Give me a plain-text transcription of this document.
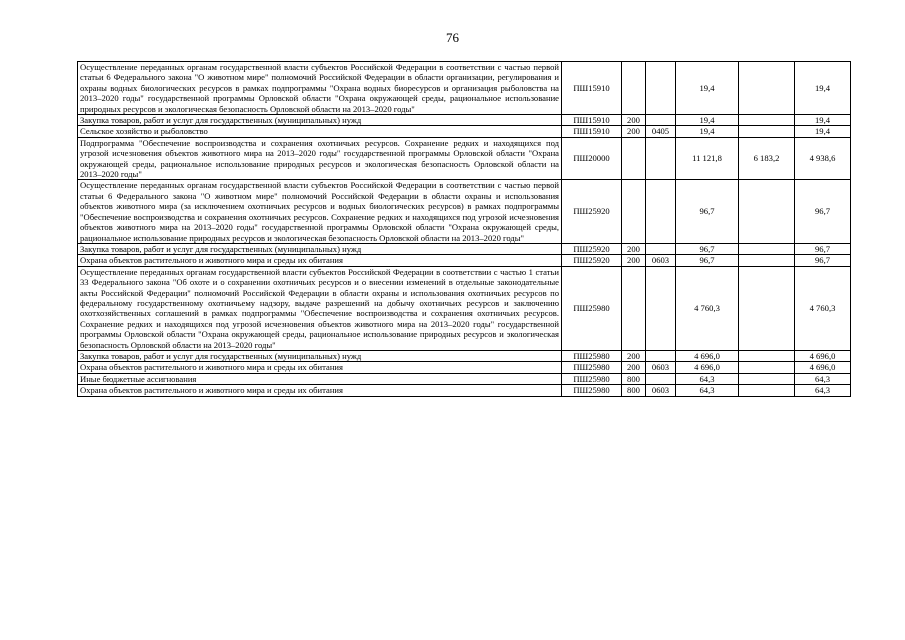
76
Осуществление переданных органам государственной власти субъектов Российской Федерации в соответствии с частью первой статьи 6 Федерального закона "О животном мире" полномочий Российской Федерации в области организации, регулирования и охраны водных биологических ресурсов в рамках подпрограммы "Охрана водных биоресурсов и организация рыболовства на 2013–2020 годы" государственной программы Орловской области "Охрана окружающей среды, рациональное использование природных ресурсов и экологическая безопасность Орловской области на 2013–2020 годы"	ПШ15910			19,4		19,4
Закупка товаров, работ и услуг для государственных (муниципальных) нужд	ПШ15910	200		19,4		19,4
Сельское хозяйство и рыболовство	ПШ15910	200	0405	19,4		19,4
Подпрограмма "Обеспечение воспроизводства и сохранения охотничьих ресурсов. Сохранение редких и находящихся под угрозой исчезновения объектов животного мира на 2013–2020 годы" государственной программы Орловской области "Охрана окружающей среды, рациональное использование природных ресурсов и экологическая безопасность Орловской области на 2013–2020 годы"	ПШ20000			11 121,8	6 183,2	4 938,6
Осуществление переданных органам государственной власти субъектов Российской Федерации в соответствии с частью первой статьи 6 Федерального закона "О животном мире" полномочий Российской Федерации в области охраны и использования объектов животного мира (за исключением охотничьих ресурсов и водных биологических ресурсов) в рамках подпрограммы "Обеспечение воспроизводства и сохранения охотничьих ресурсов. Сохранение редких и находящихся под угрозой исчезновения объектов животного мира на 2013–2020 годы" государственной программы Орловской области "Охрана окружающей среды, рациональное использование природных ресурсов и экологическая безопасность Орловской области на 2013–2020 годы"	ПШ25920			96,7		96,7
Закупка товаров, работ и услуг для государственных (муниципальных) нужд	ПШ25920	200		96,7		96,7
Охрана объектов растительного и животного мира и среды их обитания	ПШ25920	200	0603	96,7		96,7
Осуществление переданных органам государственной власти субъектов Российской Федерации в соответствии с частью 1 статьи 33 Федерального закона "Об охоте и о сохранении охотничьих ресурсов и о внесении изменений в отдельные законодательные акты Российской Федерации" полномочий Российской Федерации в области охраны и использования охотничьих ресурсов по федеральному государственному охотничьему надзору, выдаче разрешений на добычу охотничьих ресурсов и заключению охотхозяйственных соглашений в рамках подпрограммы "Обеспечение воспроизводства и сохранения охотничьих ресурсов. Сохранение редких и находящихся под угрозой исчезновения объектов животного мира на 2013–2020 годы" государственной программы Орловской области "Охрана окружающей среды, рациональное использование природных ресурсов и экологическая безопасность Орловской области на 2013–2020 годы"	ПШ25980			4 760,3		4 760,3
Закупка товаров, работ и услуг для государственных (муниципальных) нужд	ПШ25980	200		4 696,0		4 696,0
Охрана объектов растительного и животного мира и среды их обитания	ПШ25980	200	0603	4 696,0		4 696,0
Иные бюджетные ассигнования	ПШ25980	800		64,3		64,3
Охрана объектов растительного и животного мира и среды их обитания	ПШ25980	800	0603	64,3		64,3
